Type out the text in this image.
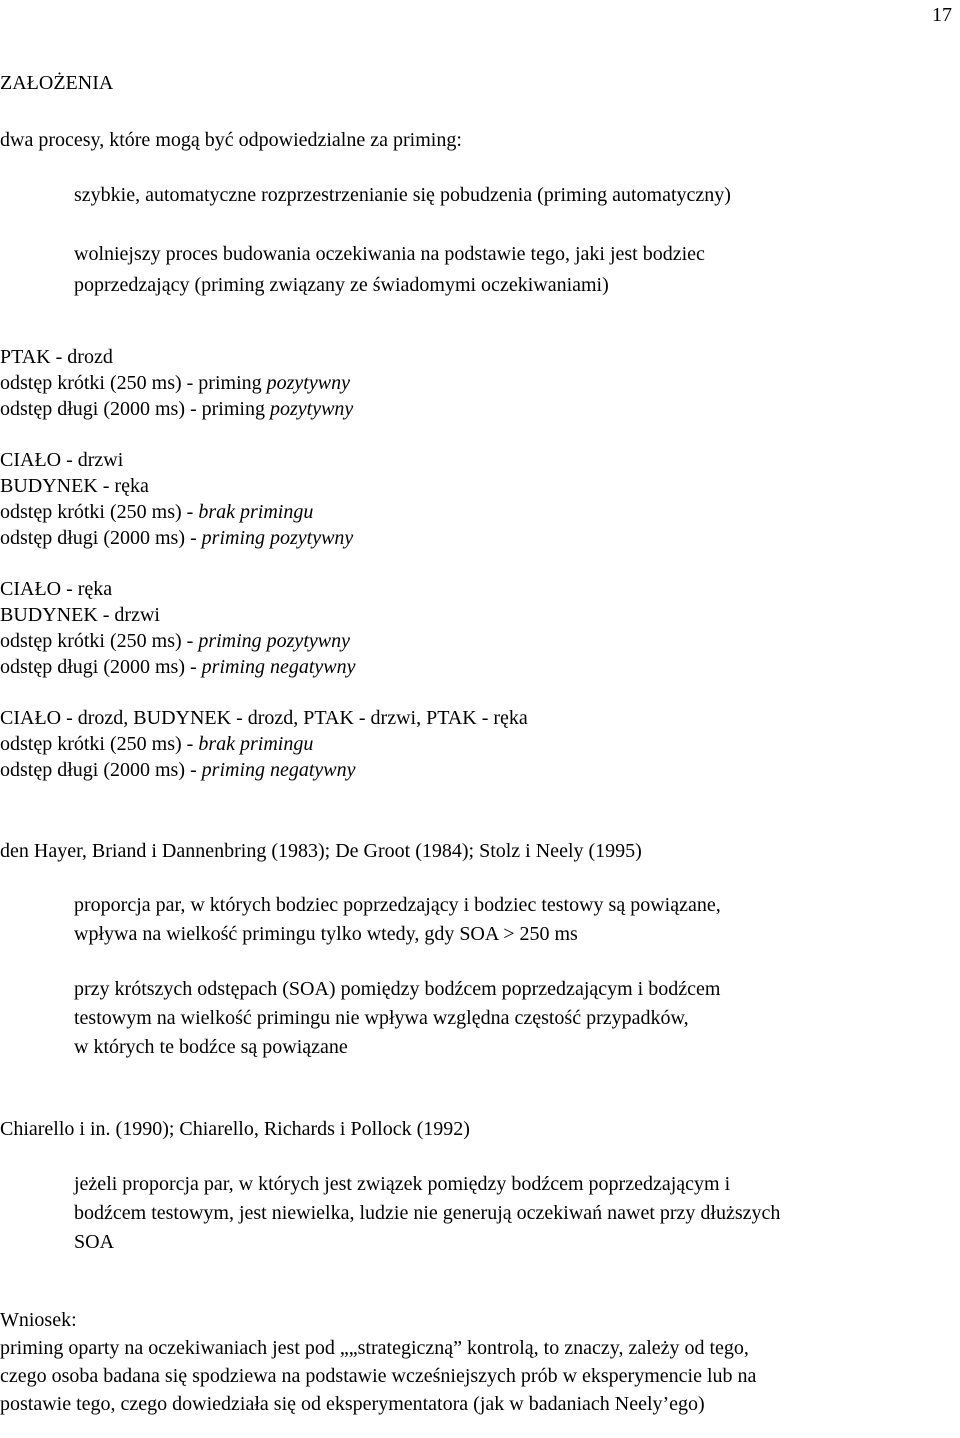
17
ZAŁOŻENIA
dwa procesy, które mogą być odpowiedzialne za priming:
szybkie, automatyczne rozprzestrzenianie się pobudzenia (priming automatyczny)
wolniejszy proces budowania oczekiwania na podstawie tego, jaki jest bodziec
poprzedzający (priming związany ze świadomymi oczekiwaniami)
PTAK - drozd
odstęp krótki (250 ms) - priming pozytywny
odstęp długi (2000 ms) - priming pozytywny
CIAŁO - drzwi
BUDYNEK - ręka
odstęp krótki (250 ms) - brak primingu
odstęp długi (2000 ms) - priming pozytywny
CIAŁO - ręka
BUDYNEK - drzwi
odstęp krótki (250 ms) - priming pozytywny
odstęp długi (2000 ms) - priming negatywny
CIAŁO - drozd, BUDYNEK - drozd, PTAK - drzwi, PTAK - ręka
odstęp krótki (250 ms) - brak primingu
odstęp długi (2000 ms) - priming negatywny
den Hayer, Briand i Dannenbring (1983); De Groot (1984); Stolz i Neely (1995)
proporcja par, w których bodziec poprzedzający i bodziec testowy są powiązane,
wpływa na wielkość primingu tylko wtedy, gdy SOA > 250 ms
przy krótszych odstępach (SOA) pomiędzy bodźcem poprzedzającym i bodźcem
testowym na wielkość primingu nie wpływa względna częstość przypadków,
w których te bodźce są powiązane
Chiarello i in. (1990); Chiarello, Richards i Pollock (1992)
jeżeli proporcja par, w których jest związek pomiędzy bodźcem poprzedzającym i
bodźcem testowym, jest niewielka, ludzie nie generują oczekiwań nawet przy dłuższych
SOA
Wniosek:
priming oparty na oczekiwaniach jest pod „„strategiczną” kontrolą, to znaczy, zależy od tego,
czego osoba badana się spodziewa na podstawie wcześniejszych prób w eksperymencie lub na
postawie tego, czego dowiedziała się od eksperymentatora (jak w badaniach Neely’ego)
